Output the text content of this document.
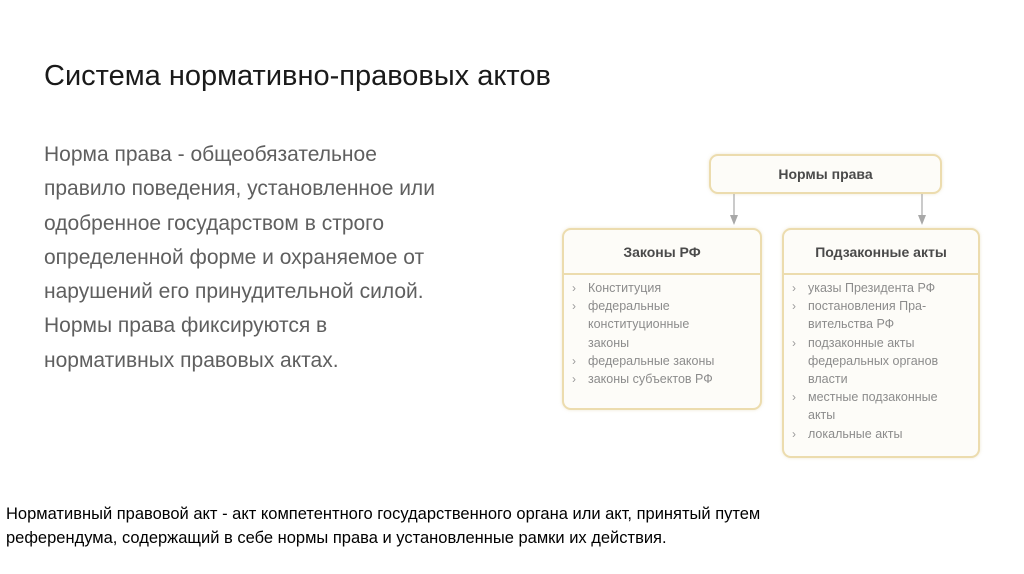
Система нормативно-правовых актов
Норма права - общеобязательное
правило поведения, установленное или
одобренное государством в строго
определенной форме и охраняемое от
нарушений его принудительной силой.
Нормы права фиксируются в
нормативных правовых актах.
Нормы права
Законы РФ
› Конституция
› федеральные
конституционные
законы
› федеральные законы
› законы субъектов РФ
Подзаконные акты
› указы Президента РФ
› постановления Пра-
вительства РФ
› подзаконные акты
федеральных органов
власти
› местные подзаконные
акты
› локальные акты
Нормативный правовой акт - акт компетентного государственного органа или акт, принятый путем
референдума, содержащий в себе нормы права и установленные рамки их действия.
